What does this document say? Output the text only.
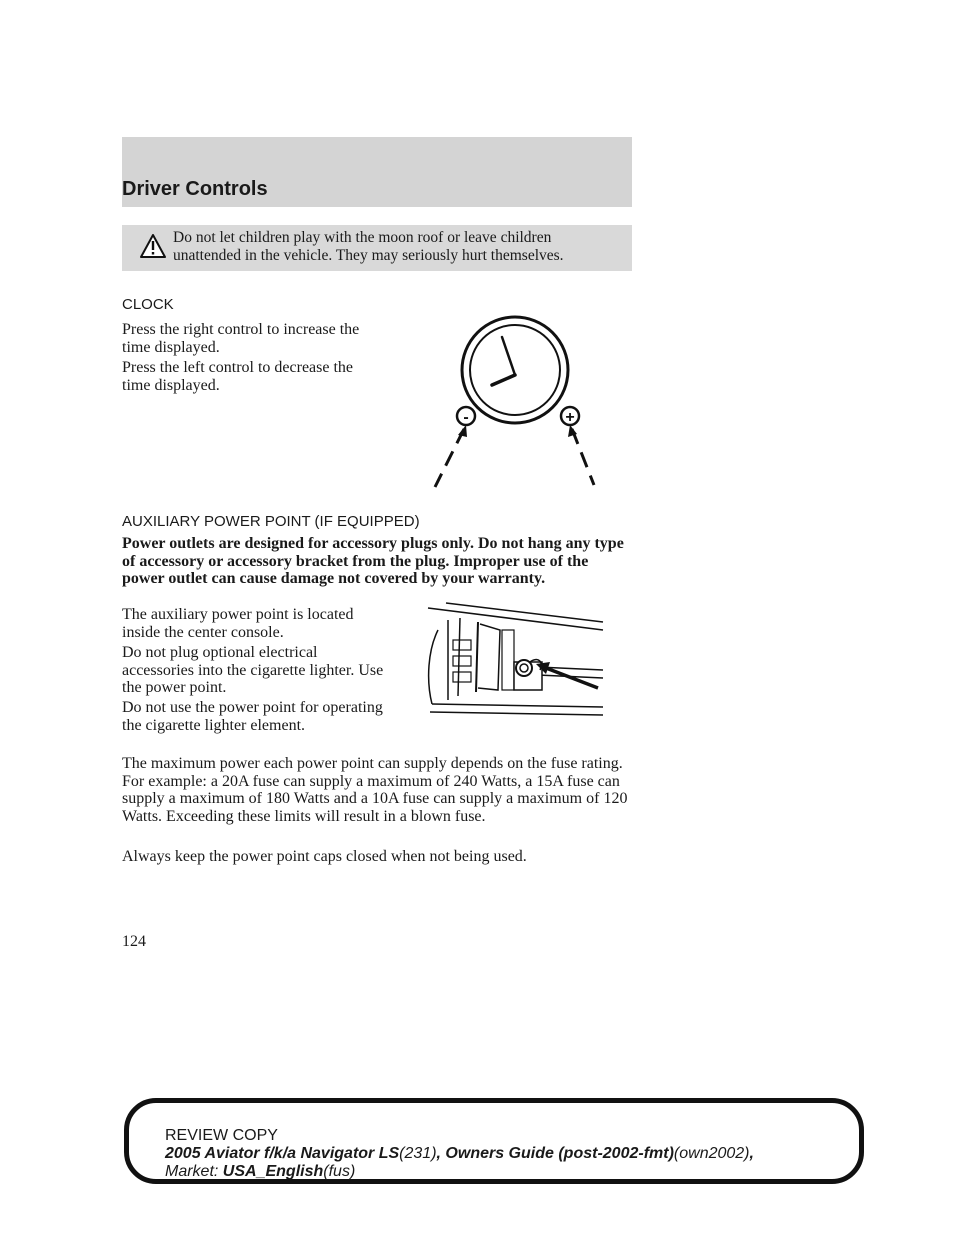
Driver Controls
Do not let children play with the moon roof or leave children unattended in the vehicle. They may seriously hurt themselves.
CLOCK

Press the right control to increase the time displayed.

Press the left control to decrease the time displayed.

-	+
AUXILIARY POWER POINT (IF EQUIPPED)

Power outlets are designed for accessory plugs only. Do not hang any type of accessory or accessory bracket from the plug. Improper use of the power outlet can cause damage not covered by your warranty.

The auxiliary power point is located inside the center console.

Do not plug optional electrical accessories into the cigarette lighter. Use the power point.

Do not use the power point for operating the cigarette lighter element.

The maximum power each power point can supply depends on the fuse rating. For example: a 20A fuse can supply a maximum of 240 Watts, a 15A fuse can supply a maximum of 180 Watts and a 10A fuse can supply a maximum of 120 Watts. Exceeding these limits will result in a blown fuse.

Always keep the power point caps closed when not being used.

124
REVIEW COPY
2005 Aviator f/k/a Navigator LS(231), Owners Guide (post-2002-fmt)(own2002),
Market: USA_English(fus)
